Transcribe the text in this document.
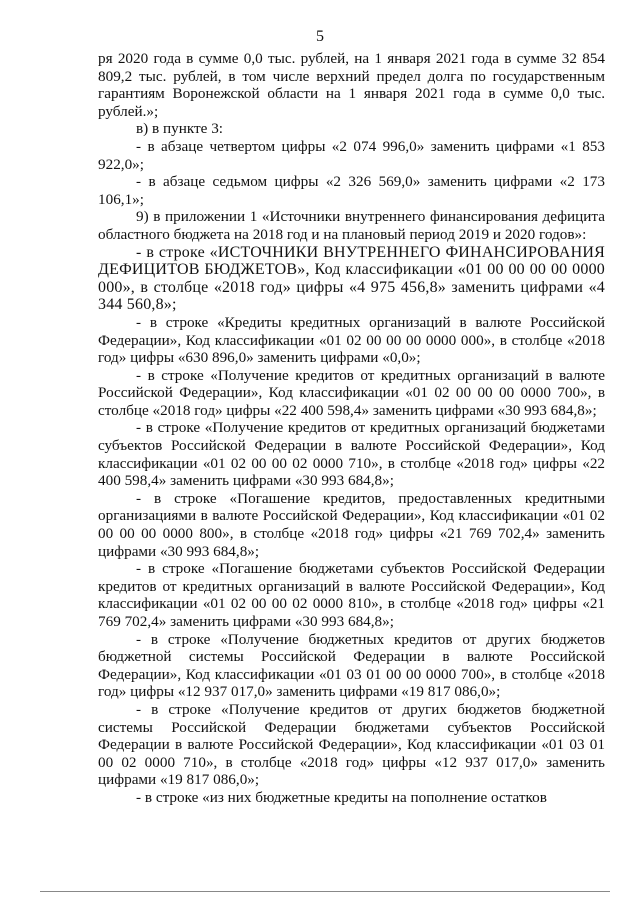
5

ря 2020 года в сумме 0,0 тыс. рублей, на 1 января 2021 года в сумме 32 854 809,2 тыс. рублей, в том числе верхний предел долга по государственным гарантиям Воронежской области на 1 января 2021 года в сумме 0,0 тыс. рублей.»;

в) в пункте 3:

- в абзаце четвертом цифры «2 074 996,0» заменить цифрами «1 853 922,0»;

- в абзаце седьмом цифры «2 326 569,0» заменить цифрами «2 173 106,1»;

9) в приложении 1 «Источники внутреннего финансирования дефицита областного бюджета на 2018 год и на плановый период 2019 и 2020 годов»:

- в строке «ИСТОЧНИКИ ВНУТРЕННЕГО ФИНАНСИРОВАНИЯ ДЕФИЦИТОВ БЮДЖЕТОВ», Код классификации «01 00 00 00 00 0000 000», в столбце «2018 год» цифры «4 975 456,8» заменить цифрами «4 344 560,8»;

- в строке «Кредиты кредитных организаций в валюте Российской Федерации», Код классификации «01 02 00 00 00 0000 000», в столбце «2018 год» цифры «630 896,0» заменить цифрами «0,0»;

- в строке «Получение кредитов от кредитных организаций в валюте Российской Федерации», Код классификации «01 02 00 00 00 0000 700», в столбце «2018 год» цифры «22 400 598,4» заменить цифрами «30 993 684,8»;

- в строке «Получение кредитов от кредитных организаций бюджетами субъектов Российской Федерации в валюте Российской Федерации», Код классификации «01 02 00 00 02 0000 710», в столбце «2018 год» цифры «22 400 598,4» заменить цифрами «30 993 684,8»;

- в строке «Погашение кредитов, предоставленных кредитными организациями в валюте Российской Федерации», Код классификации «01 02 00 00 00 0000 800», в столбце «2018 год» цифры «21 769 702,4» заменить цифрами «30 993 684,8»;

- в строке «Погашение бюджетами субъектов Российской Федерации кредитов от кредитных организаций в валюте Российской Федерации», Код классификации «01 02 00 00 02 0000 810», в столбце «2018 год» цифры «21 769 702,4» заменить цифрами «30 993 684,8»;

- в строке «Получение бюджетных кредитов от других бюджетов бюджетной системы Российской Федерации в валюте Российской Федерации», Код классификации «01 03 01 00 00 0000 700», в столбце «2018 год» цифры «12 937 017,0» заменить цифрами «19 817 086,0»;

- в строке «Получение кредитов от других бюджетов бюджетной системы Российской Федерации бюджетами субъектов Российской Федерации в валюте Российской Федерации», Код классификации «01 03 01 00 02 0000 710», в столбце «2018 год» цифры «12 937 017,0» заменить цифрами «19 817 086,0»;

- в строке «из них бюджетные кредиты на пополнение остатков
